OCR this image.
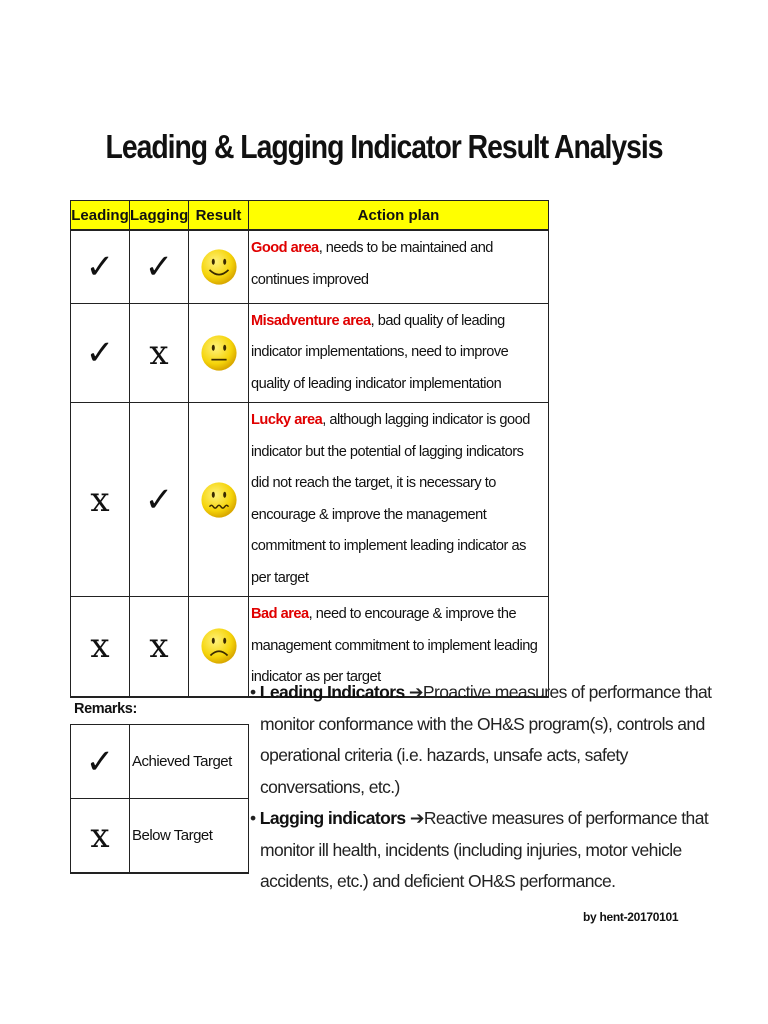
Leading & Lagging Indicator Result Analysis
Leading	Lagging	Result	Action plan
✓	✓		Good area, needs to be maintained and continues improved
✓	x		Misadventure area, bad quality of leading indicator implementations, need to improve quality of leading indicator implementation
x	✓		Lucky area, although lagging indicator is good indicator but the potential of lagging indicators did not reach the target, it is necessary to encourage & improve the management commitment to implement leading indicator as per target
x	x		Bad area, need to encourage & improve the management commitment to implement leading indicator as per target
Remarks:
✓	Achieved Target
x	Below Target

• Leading Indicators ➔Proactive measures of performance that monitor conformance with the OH&S program(s), controls and operational criteria (i.e. hazards, unsafe acts, safety conversations, etc.)

• Lagging indicators ➔Reactive measures of performance that monitor ill health, incidents (including injuries, motor vehicle accidents, etc.) and deficient OH&S performance.

by hent-20170101
